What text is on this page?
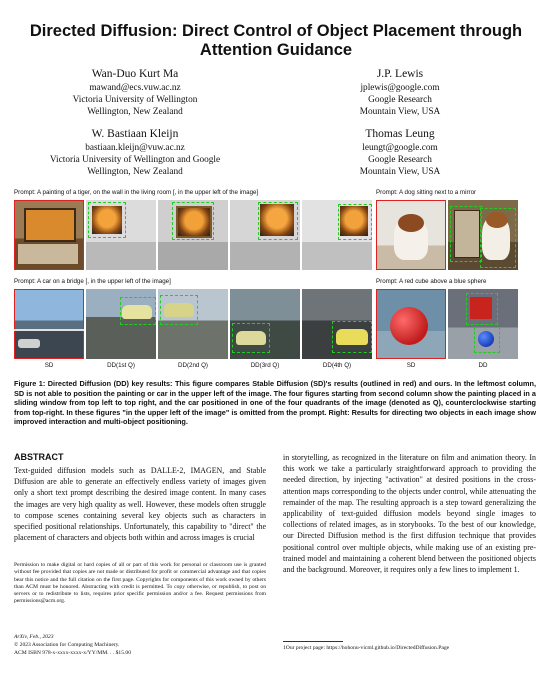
Directed Diffusion: Direct Control of Object Placement through Attention Guidance
Wan-Duo Kurt Ma
mawand@ecs.vuw.ac.nz
Victoria University of Wellington
Wellington, New Zealand
J.P. Lewis
jplewis@google.com
Google Research
Mountain View, USA
W. Bastiaan Kleijn
bastiaan.kleijn@vuw.ac.nz
Victoria University of Wellington and Google
Wellington, New Zealand
Thomas Leung
leungt@google.com
Google Research
Mountain View, USA
Prompt: A painting of a tiger, on the wall in the living room [, in the upper left of the image]	Prompt: A dog sitting next to a mirror
Prompt: A car on a bridge [, in the upper left of the image]	Prompt: A red cube above a blue sphere
SD	DD(1st Q)	DD(2nd Q)	DD(3rd Q)	DD(4th Q)	SD	DD
Figure 1: Directed Diffusion (DD) key results: This figure compares Stable Diffusion (SD)'s results (outlined in red) and ours. In the leftmost column, SD is not able to position the painting or car in the upper left of the image. The four figures starting from second column show the painting placed in a sliding window from top left to top right, and the car positioned in one of the four quadrants of the image (denoted as Q), counterclockwise starting from top-right. In these figures "in the upper left of the image" is omitted from the prompt. Right: Results for directing two objects in each image show improved interaction and multi-object positioning.
ABSTRACT
Text-guided diffusion models such as DALLE-2, IMAGEN, and Stable Diffusion are able to generate an effectively endless variety of images given only a short text prompt describing the desired image content. In many cases the images are very high quality as well. However, these models often struggle to compose scenes containing several key objects such as characters in specified positional relationships. Unfortunately, this capability to "direct" the placement of characters and objects both within and across images is crucial
Permission to make digital or hard copies of all or part of this work for personal or classroom use is granted without fee provided that copies are not made or distributed for profit or commercial advantage and that copies bear this notice and the full citation on the first page. Copyrights for components of this work owned by others than ACM must be honored. Abstracting with credit is permitted. To copy otherwise, or republish, to post on servers or to redistribute to lists, requires prior specific permission and/or a fee. Request permissions from permissions@acm.org.
ArXiv, Feb., 2023
© 2023 Association for Computing Machinery.
ACM ISBN 978-x-xxxx-xxxx-x/YY/MM. . . $15.00
in storytelling, as recognized in the literature on film and animation theory. In this work we take a particularly straightforward approach to providing the needed direction, by injecting "activation" at desired positions in the cross-attention maps corresponding to the objects under control, while attenuating the remainder of the map. The resulting approach is a step toward generalizing the applicability of text-guided diffusion models beyond single images to collections of related images, as in storybooks. To the best of our knowledge, our Directed Diffusion method is the first diffusion technique that provides positional control over multiple objects, while making use of an existing pre-trained model and maintaining a coherent blend between the positioned objects and the background. Moreover, it requires only a few lines to implement 1.
1Our project page: https://hohonu-vicml.github.io/DirectedDiffusion.Page
